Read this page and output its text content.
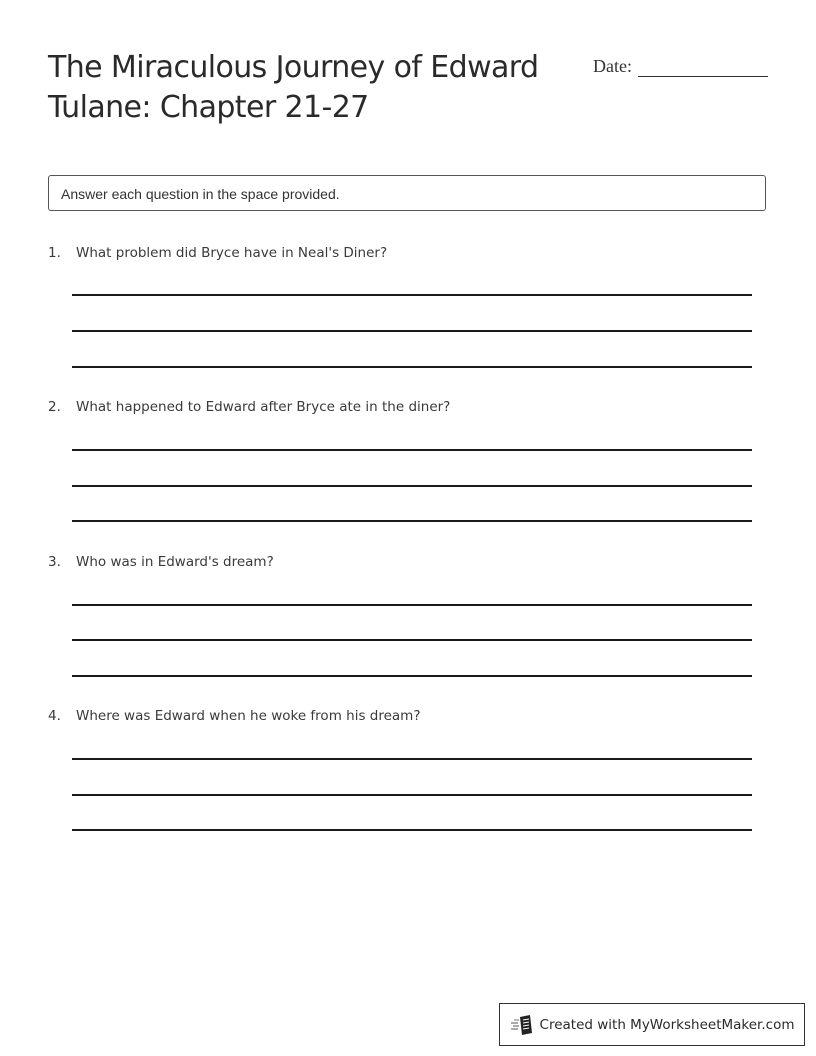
The Miraculous Journey of Edward Tulane: Chapter 21-27
Date:
Answer each question in the space provided.
1.	What problem did Bryce have in Neal's Diner?
2.	What happened to Edward after Bryce ate in the diner?
3.	Who was in Edward's dream?
4.	Where was Edward when he woke from his dream?
Created with MyWorksheetMaker.com
